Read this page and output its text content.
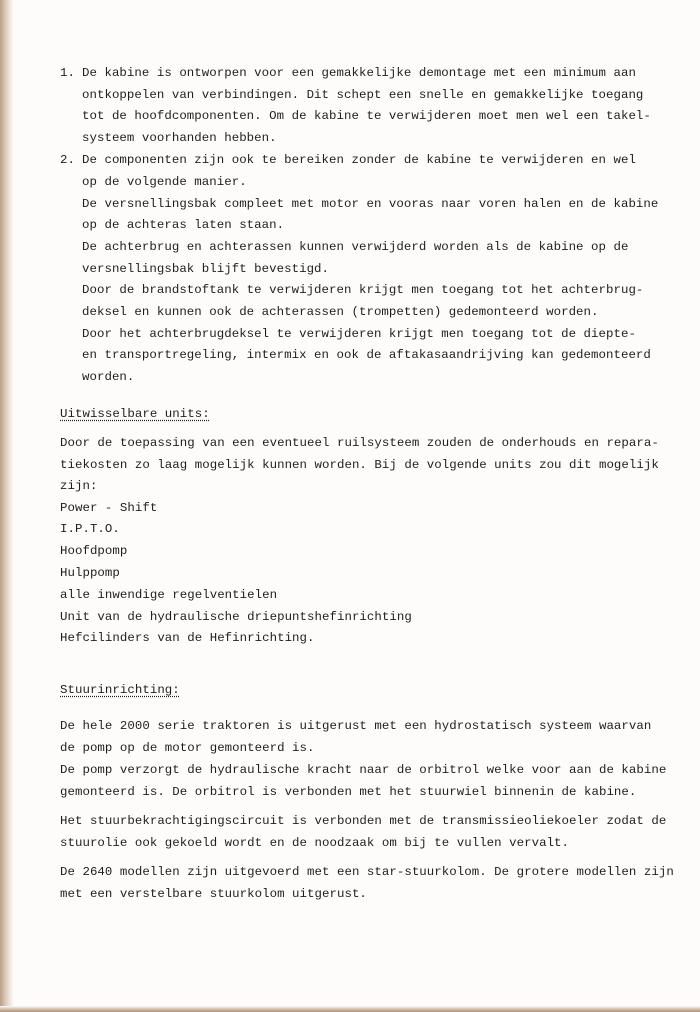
1. De kabine is ontworpen voor een gemakkelijke demontage met een minimum aan
ontkoppelen van verbindingen. Dit schept een snelle en gemakkelijke toegang
tot de hoofdcomponenten. Om de kabine te verwijderen moet men wel een takel-
systeem voorhanden hebben.
2. De componenten zijn ook te bereiken zonder de kabine te verwijderen en wel
op de volgende manier.
De versnellingsbak compleet met motor en vooras naar voren halen en de kabine
op de achteras laten staan.
De achterbrug en achterassen kunnen verwijderd worden als de kabine op de
versnellingsbak blijft bevestigd.
Door de brandstoftank te verwijderen krijgt men toegang tot het achterbrug-
deksel en kunnen ook de achterassen (trompetten) gedemonteerd worden.
Door het achterbrugdeksel te verwijderen krijgt men toegang tot de diepte-
en transportregeling, intermix en ook de aftakasaandrijving kan gedemonteerd
worden.
Uitwisselbare units:
Door de toepassing van een eventueel ruilsysteem zouden de onderhouds en repara-
tiekosten zo laag mogelijk kunnen worden. Bij de volgende units zou dit mogelijk
zijn:
Power - Shift
I.P.T.O.
Hoofdpomp
Hulppomp
alle inwendige regelventielen
Unit van de hydraulische driepuntshefinrichting
Hefcilinders van de Hefinrichting.
Stuurinrichting:
De hele 2000 serie traktoren is uitgerust met een hydrostatisch systeem waarvan
de pomp op de motor gemonteerd is.
De pomp verzorgt de hydraulische kracht naar de orbitrol welke voor aan de kabine
gemonteerd is. De orbitrol is verbonden met het stuurwiel binnenin de kabine.
Het stuurbekrachtigingscircuit is verbonden met de transmissieoliekoeler zodat de
stuurolie ook gekoeld wordt en de noodzaak om bij te vullen vervalt.
De 2640 modellen zijn uitgevoerd met een star-stuurkolom. De grotere modellen zijn
met een verstelbare stuurkolom uitgerust.
